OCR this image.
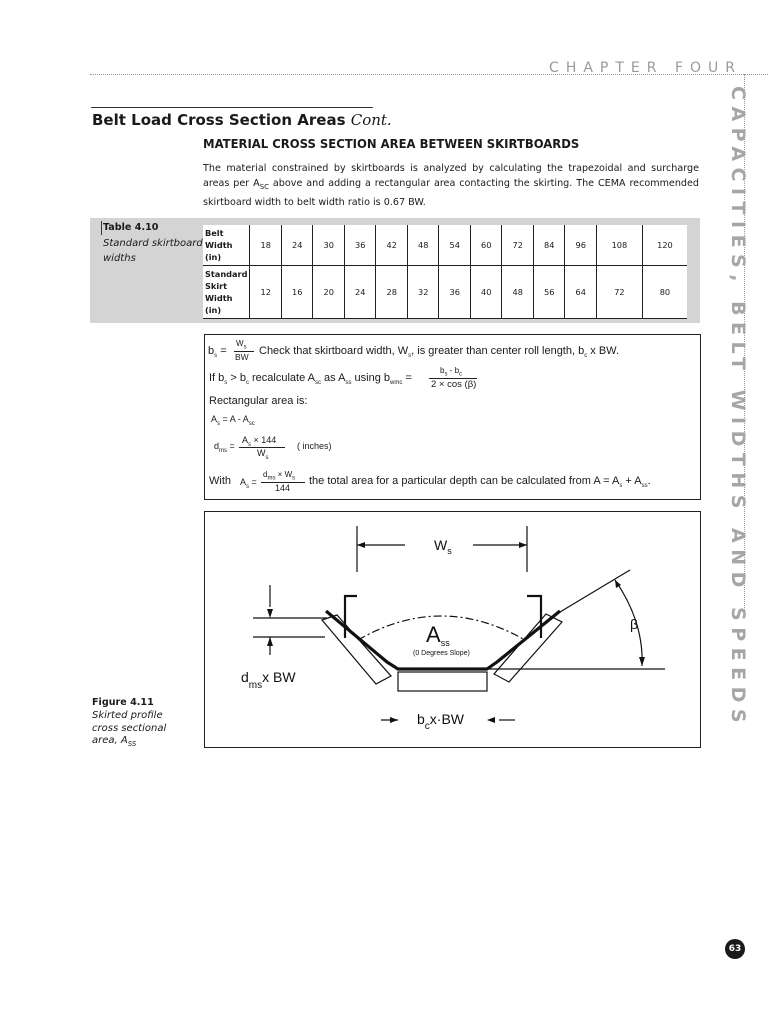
CHAPTER FOUR
CAPACITIES, BELT WIDTHS AND SPEEDS
Belt Load Cross Section Areas Cont.
MATERIAL CROSS SECTION AREA BETWEEN SKIRTBOARDS
The material constrained by skirtboards is analyzed by calculating the trapezoidal and surcharge areas per $A_{SC}$ above and adding a rectangular area contacting the skirting. The CEMA recommended skirtboard width to belt width ratio is 0.67 BW.
Table 4.10
Standard skirtboard widths
Belt Width (in)	18	24	30	36	42	48	54	60	72	84	96	108	120
Standard Skirt Width (in)	12	16	20	24	28	32	36	40	48	56	64	72	80
$b_s$ =
$W_s$
BW Check that skirtboard width, $W_s$, is greater than center roll length, $b_c$ x BW.
If $b_s > b_c$ recalculate $A_{sc}$ as $A_{ss}$ using $b_{wmc}$ =
$b_s - b_c$
2 × cos (β)
Rectangular area is:
$A_s = A - A_{sc}$
$d_{ms}$ =
$A_s \times 144$
$W_s$
( inches)
With $A_s$ =
$d_{ms} \times W_s$
144
the total area for a particular depth can be calculated from $A = A_s + A_{ss}$.
$W_s$
Ass
(0 Degrees Slope)
β
$d_{ms}x$ BW
$b_cx\cdot BW$
Figure 4.11
Skirted profile cross sectional area, $A_{SS}$
63
